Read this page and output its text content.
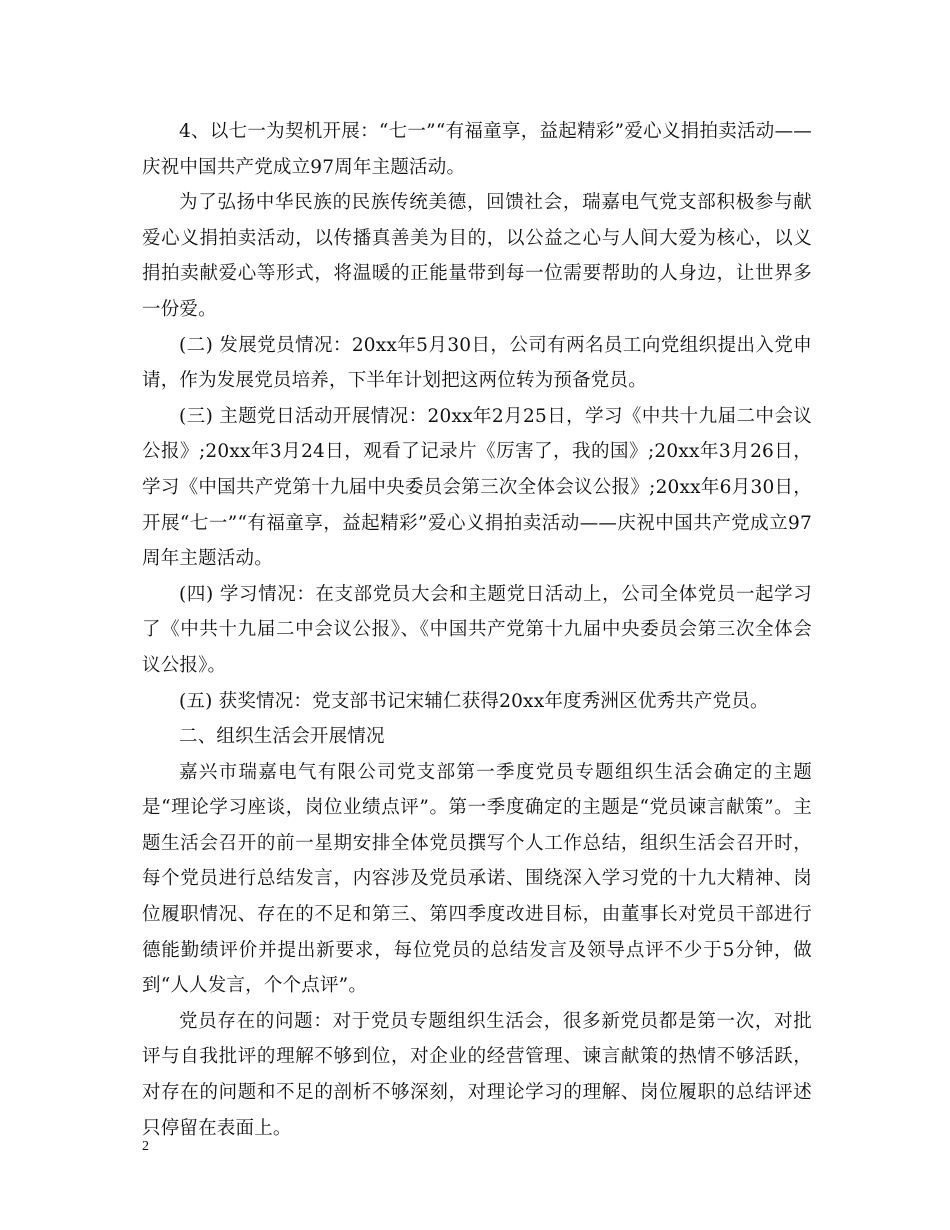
4、以七一为契机开展：“七一”“有福童享，益起精彩”爱心义捐拍卖活动——庆祝中国共产党成立97周年主题活动。

为了弘扬中华民族的民族传统美德，回馈社会，瑞嘉电气党支部积极参与献爱心义捐拍卖活动，以传播真善美为目的，以公益之心与人间大爱为核心，以义捐拍卖献爱心等形式，将温暖的正能量带到每一位需要帮助的人身边，让世界多一份爱。

(二) 发展党员情况：20xx年5月30日，公司有两名员工向党组织提出入党申请，作为发展党员培养，下半年计划把这两位转为预备党员。

(三) 主题党日活动开展情况：20xx年2月25日，学习《中共十九届二中会议公报》;20xx年3月24日，观看了记录片《厉害了，我的国》;20xx年3月26日，学习《中国共产党第十九届中央委员会第三次全体会议公报》;20xx年6月30日，开展“七一”“有福童享，益起精彩”爱心义捐拍卖活动——庆祝中国共产党成立97周年主题活动。

(四) 学习情况：在支部党员大会和主题党日活动上，公司全体党员一起学习了《中共十九届二中会议公报》、《中国共产党第十九届中央委员会第三次全体会议公报》。

(五) 获奖情况：党支部书记宋辅仁获得20xx年度秀洲区优秀共产党员。

二、组织生活会开展情况

嘉兴市瑞嘉电气有限公司党支部第一季度党员专题组织生活会确定的主题是“理论学习座谈，岗位业绩点评”。第一季度确定的主题是“党员谏言献策”。主题生活会召开的前一星期安排全体党员撰写个人工作总结，组织生活会召开时，每个党员进行总结发言，内容涉及党员承诺、围绕深入学习党的十九大精神、岗位履职情况、存在的不足和第三、第四季度改进目标，由董事长对党员干部进行德能勤绩评价并提出新要求，每位党员的总结发言及领导点评不少于5分钟，做到“人人发言，个个点评”。

党员存在的问题：对于党员专题组织生活会，很多新党员都是第一次，对批评与自我批评的理解不够到位，对企业的经营管理、谏言献策的热情不够活跃，对存在的问题和不足的剖析不够深刻，对理论学习的理解、岗位履职的总结评述只停留在表面上。

2
